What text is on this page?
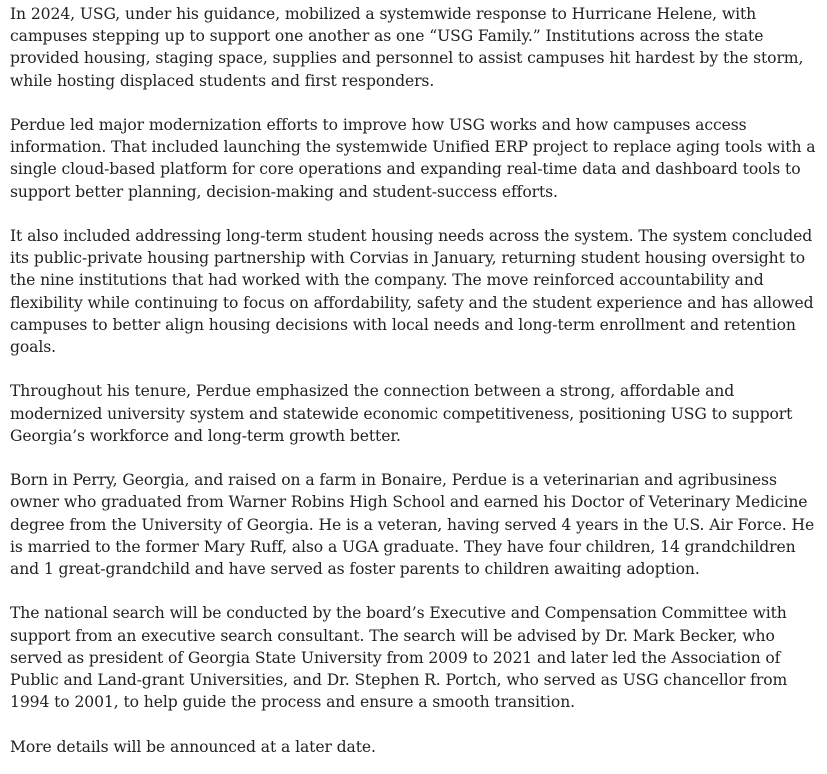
In 2024, USG, under his guidance, mobilized a systemwide response to Hurricane Helene, with campuses stepping up to support one another as one “USG Family.” Institutions across the state provided housing, staging space, supplies and personnel to assist campuses hit hardest by the storm, while hosting displaced students and first responders.

Perdue led major modernization efforts to improve how USG works and how campuses access information. That included launching the systemwide Unified ERP project to replace aging tools with a single cloud-based platform for core operations and expanding real-time data and dashboard tools to support better planning, decision-making and student-success efforts.

It also included addressing long-term student housing needs across the system. The system concluded its public-private housing partnership with Corvias in January, returning student housing oversight to the nine institutions that had worked with the company. The move reinforced accountability and flexibility while continuing to focus on affordability, safety and the student experience and has allowed campuses to better align housing decisions with local needs and long-term enrollment and retention goals.

Throughout his tenure, Perdue emphasized the connection between a strong, affordable and modernized university system and statewide economic competitiveness, positioning USG to support Georgia’s workforce and long-term growth better.

Born in Perry, Georgia, and raised on a farm in Bonaire, Perdue is a veterinarian and agribusiness owner who graduated from Warner Robins High School and earned his Doctor of Veterinary Medicine degree from the University of Georgia. He is a veteran, having served 4 years in the U.S. Air Force. He is married to the former Mary Ruff, also a UGA graduate. They have four children, 14 grandchildren and 1 great-grandchild and have served as foster parents to children awaiting adoption.

The national search will be conducted by the board’s Executive and Compensation Committee with support from an executive search consultant. The search will be advised by Dr. Mark Becker, who served as president of Georgia State University from 2009 to 2021 and later led the Association of Public and Land-grant Universities, and Dr. Stephen R. Portch, who served as USG chancellor from 1994 to 2001, to help guide the process and ensure a smooth transition.

More details will be announced at a later date.
